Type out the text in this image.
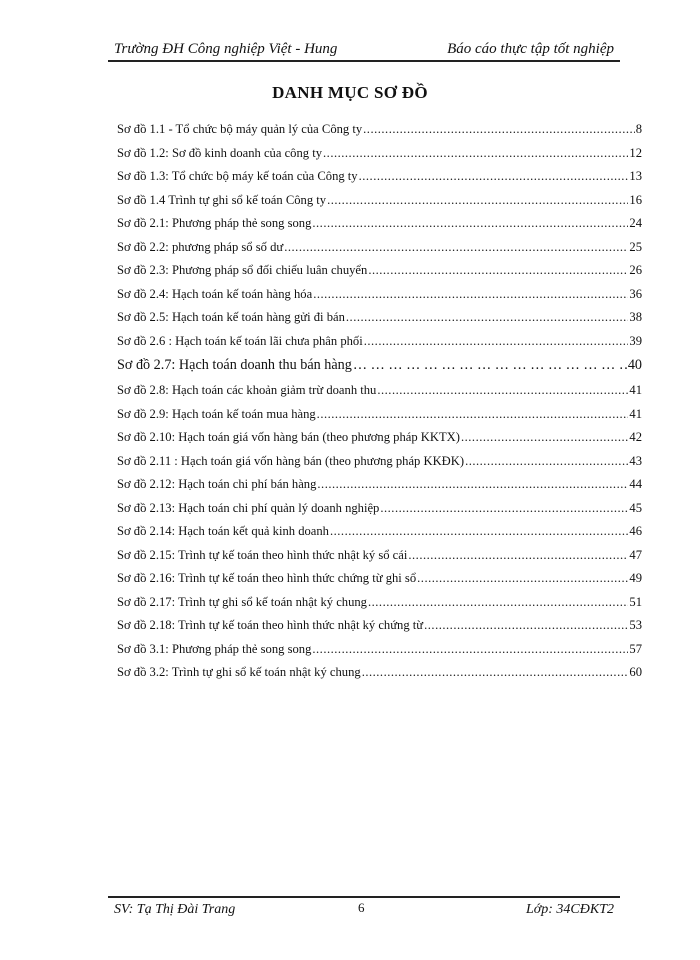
Trường ĐH Công nghiệp Việt - Hung	Báo cáo thực tập tốt nghiệp
DANH MỤC SƠ ĐỒ
Sơ đồ 1.1 - Tổ chức bộ máy quản lý của Công ty .....	8
Sơ đồ 1.2: Sơ đồ kinh doanh của công ty .....	12
Sơ đồ 1.3: Tổ chức bộ máy kế toán của Công ty .....	13
Sơ đồ 1.4 Trình tự ghi sổ kế toán Công ty .....	16
Sơ đồ 2.1: Phương pháp thẻ song song .....	24
Sơ đồ 2.2: phương pháp sổ số dư .....	25
Sơ đồ 2.3: Phương pháp sổ đối chiếu luân chuyển .....	26
Sơ đồ 2.4: Hạch toán kế toán hàng hóa .....	36
Sơ đồ 2.5: Hạch toán kế toán hàng gửi đi bán .....	38
Sơ đồ 2.6 : Hạch toán kế toán lãi chưa phân phối .....	39
Sơ đồ 2.7: Hạch toán doanh thu bán hàng … … … … … … … … … … … … … … … … … … … … … … … … … … … … … … … …	40
Sơ đồ 2.8: Hạch toán các khoản giảm trừ doanh thu .....	41
Sơ đồ 2.9: Hạch toán kế toán mua hàng .....	41
Sơ đồ 2.10: Hạch toán giá vốn hàng bán (theo phương pháp KKTX) .....	42
Sơ đồ 2.11 : Hạch toán giá vốn hàng bán (theo phương pháp KKĐK) .....	43
Sơ đồ 2.12: Hạch toán chi phí bán hàng .....	44
Sơ đồ 2.13: Hạch toán chi phí quản lý doanh nghiệp .....	45
Sơ đồ 2.14: Hạch toán kết quả kinh doanh .....	46
Sơ đồ 2.15: Trình tự kế toán theo hình thức nhật ký sổ cái .....	47
Sơ đồ 2.16: Trình tự kế toán theo hình thức chứng từ ghi sổ .....	49
Sơ đồ 2.17: Trình tự ghi sổ kế toán nhật ký chung .....	51
Sơ đồ 2.18: Trình tự kế toán theo hình thức nhật ký chứng từ .....	53
Sơ đồ 3.1: Phương pháp thẻ song song .....	57
Sơ đồ 3.2: Trình tự ghi sổ kế toán nhật ký chung .....	60
SV: Tạ Thị Đài Trang	6	Lớp: 34CĐKT2
